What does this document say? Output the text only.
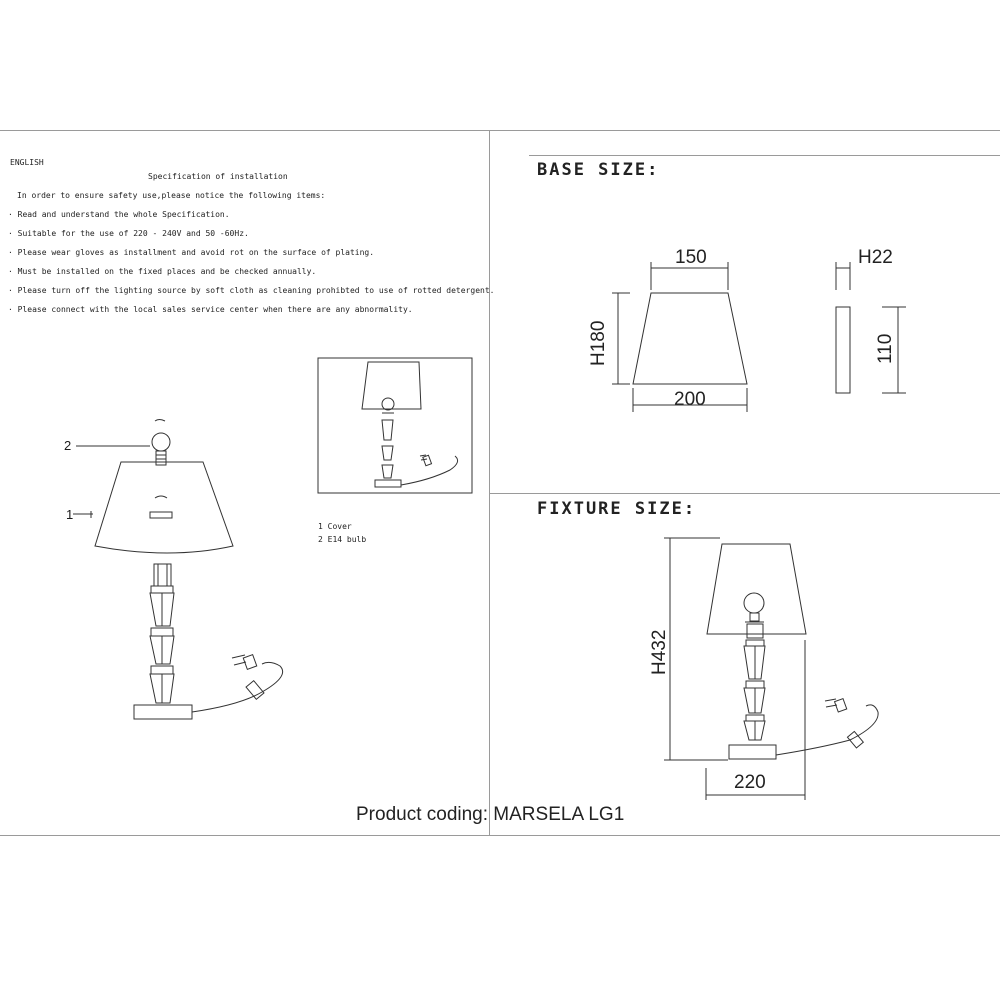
ENGLISH
Specification of installation
In order to ensure safety use,please notice the following items:
· Read and understand the whole Specification.
· Suitable for the use of 220 - 240V and 50 -60Hz.
· Please wear gloves as installment and avoid rot on the surface of plating.
· Must be installed on the fixed places and be checked annually.
· Please turn off the lighting source by soft cloth as cleaning prohibted to use of rotted detergent.
· Please connect with the local sales service center when there are any abnormality.
1 Cover
2 E14 bulb
2
1
BASE SIZE:
FIXTURE SIZE:
150	H22
200
H180	110
H432
220
Product coding: MARSELA LG1
